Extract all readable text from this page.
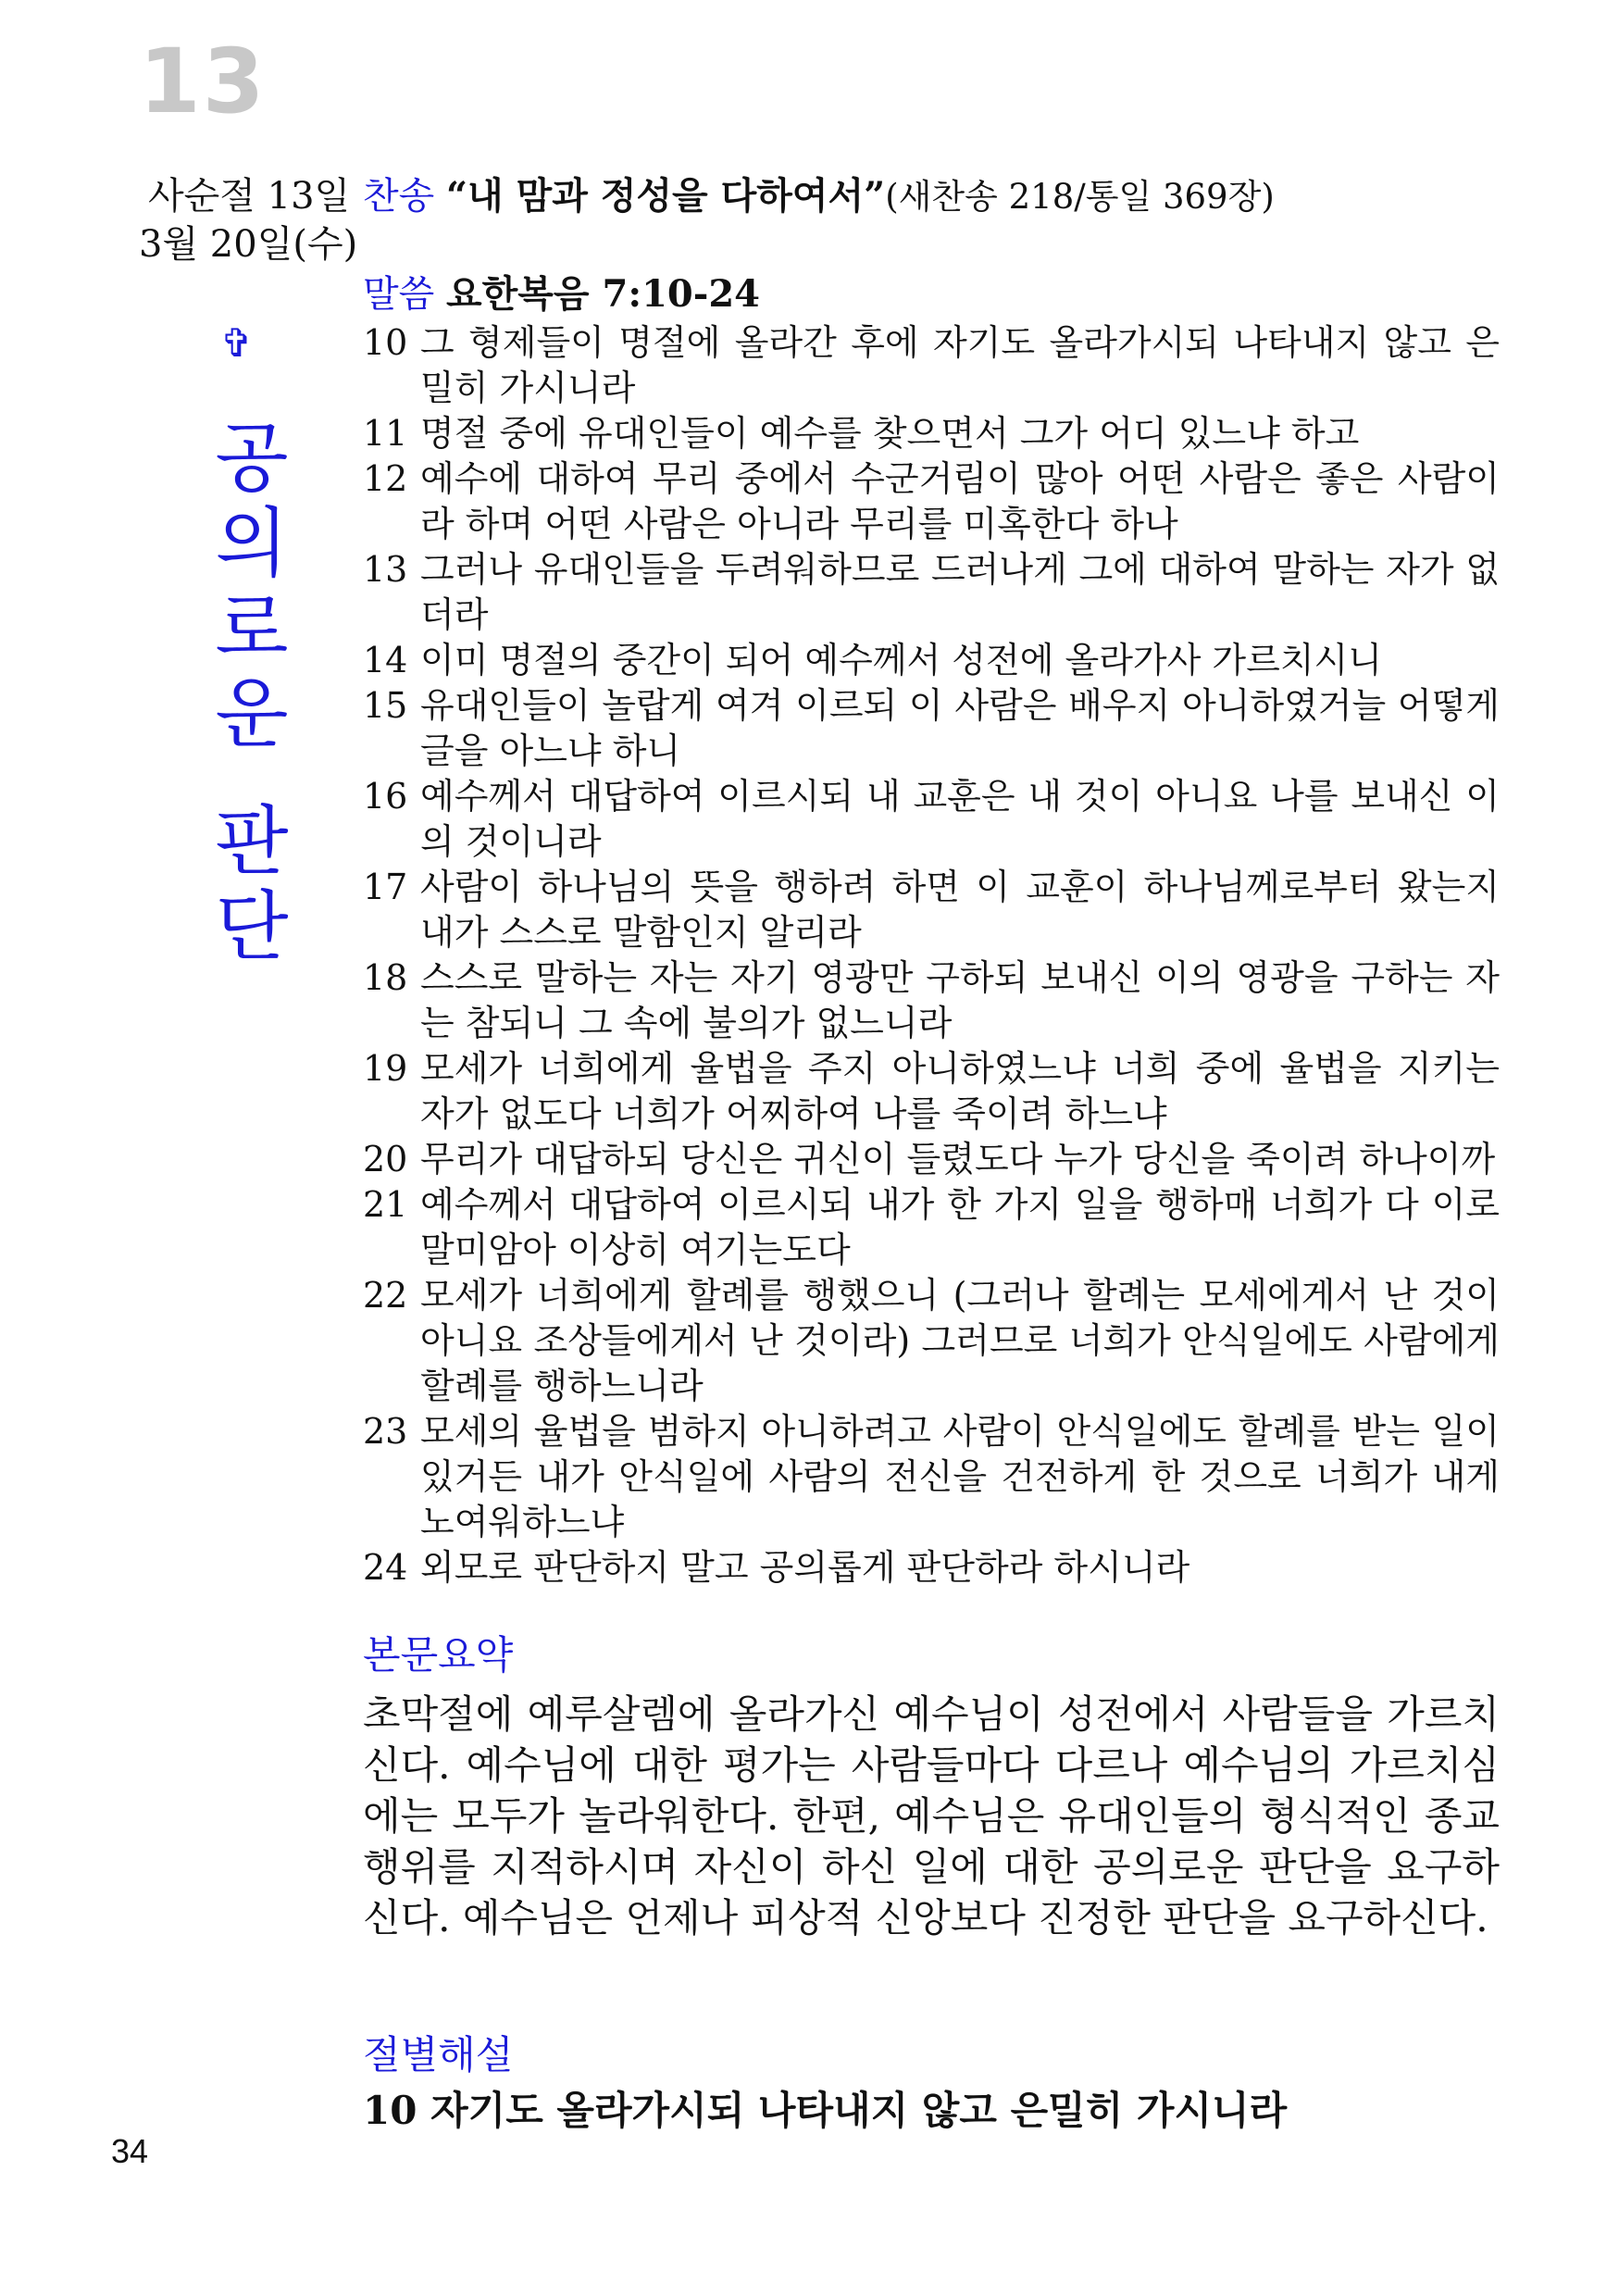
13
사순절 13일
3월 20일(수)
✞
공
의
로
운
판
단
찬송 “내 맘과 정성을 다하여서”(새찬송 218/통일 369장)
말씀 요한복음 7:10-24
10 그 형제들이 명절에 올라간 후에 자기도 올라가시되 나타내지 않고 은밀히 가시니라
11 명절 중에 유대인들이 예수를 찾으면서 그가 어디 있느냐 하고
12 예수에 대하여 무리 중에서 수군거림이 많아 어떤 사람은 좋은 사람이라 하며 어떤 사람은 아니라 무리를 미혹한다 하나
13 그러나 유대인들을 두려워하므로 드러나게 그에 대하여 말하는 자가 없더라
14 이미 명절의 중간이 되어 예수께서 성전에 올라가사 가르치시니
15 유대인들이 놀랍게 여겨 이르되 이 사람은 배우지 아니하였거늘 어떻게 글을 아느냐 하니
16 예수께서 대답하여 이르시되 내 교훈은 내 것이 아니요 나를 보내신 이의 것이니라
17 사람이 하나님의 뜻을 행하려 하면 이 교훈이 하나님께로부터 왔는지 내가 스스로 말함인지 알리라
18 스스로 말하는 자는 자기 영광만 구하되 보내신 이의 영광을 구하는 자는 참되니 그 속에 불의가 없느니라
19 모세가 너희에게 율법을 주지 아니하였느냐 너희 중에 율법을 지키는 자가 없도다 너희가 어찌하여 나를 죽이려 하느냐
20 무리가 대답하되 당신은 귀신이 들렸도다 누가 당신을 죽이려 하나이까
21 예수께서 대답하여 이르시되 내가 한 가지 일을 행하매 너희가 다 이로 말미암아 이상히 여기는도다
22 모세가 너희에게 할례를 행했으니 (그러나 할례는 모세에게서 난 것이 아니요 조상들에게서 난 것이라) 그러므로 너희가 안식일에도 사람에게 할례를 행하느니라
23 모세의 율법을 범하지 아니하려고 사람이 안식일에도 할례를 받는 일이 있거든 내가 안식일에 사람의 전신을 건전하게 한 것으로 너희가 내게 노여워하느냐
24 외모로 판단하지 말고 공의롭게 판단하라 하시니라
본문요약

초막절에 예루살렘에 올라가신 예수님이 성전에서 사람들을 가르치신다. 예수님에 대한 평가는 사람들마다 다르나 예수님의 가르치심에는 모두가 놀라워한다. 한편, 예수님은 유대인들의 형식적인 종교 행위를 지적하시며 자신이 하신 일에 대한 공의로운 판단을 요구하신다. 예수님은 언제나 피상적 신앙보다 진정한 판단을 요구하신다.

절별해설
10 자기도 올라가시되 나타내지 않고 은밀히 가시니라
34
